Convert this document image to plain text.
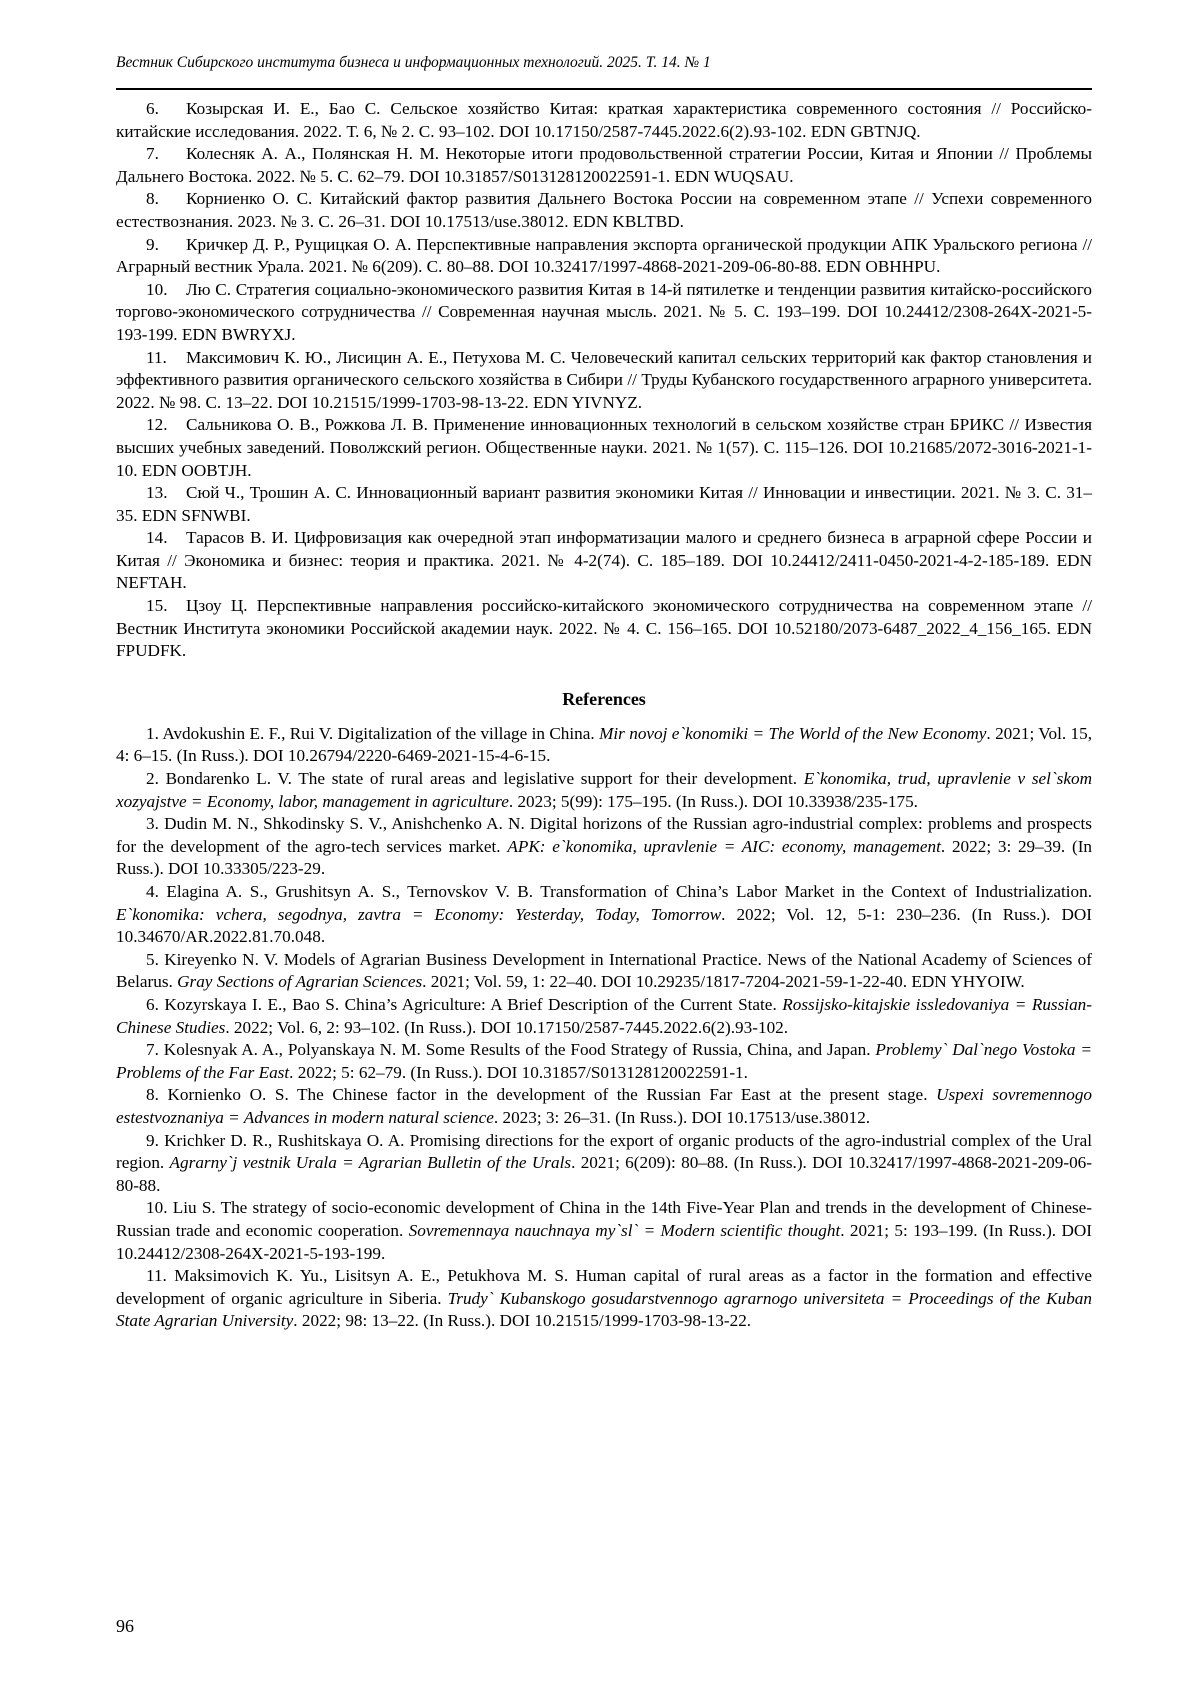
Вестник Сибирского института бизнеса и информационных технологий. 2025. Т. 14. № 1

6. Козырская И. Е., Бао С. Сельское хозяйство Китая: краткая характеристика современного состояния // Российско-китайские исследования. 2022. Т. 6, № 2. С. 93–102. DOI 10.17150/2587-7445.2022.6(2).93-102. EDN GBTNJQ.

7. Колесняк А. А., Полянская Н. М. Некоторые итоги продовольственной стратегии России, Китая и Японии // Проблемы Дальнего Востока. 2022. № 5. С. 62–79. DOI 10.31857/S013128120022591-1. EDN WUQSAU.

8. Корниенко О. С. Китайский фактор развития Дальнего Востока России на современном этапе // Успехи современного естествознания. 2023. № 3. С. 26–31. DOI 10.17513/use.38012. EDN KBLTBD.

9. Кричкер Д. Р., Рущицкая О. А. Перспективные направления экспорта органической продукции АПК Уральского региона // Аграрный вестник Урала. 2021. № 6(209). С. 80–88. DOI 10.32417/1997-4868-2021-209-06-80-88. EDN OBHHPU.

10. Лю С. Стратегия социально-экономического развития Китая в 14-й пятилетке и тенденции развития китайско-российского торгово-экономического сотрудничества // Современная научная мысль. 2021. № 5. С. 193–199. DOI 10.24412/2308-264X-2021-5-193-199. EDN BWRYXJ.

11. Максимович К. Ю., Лисицин А. Е., Петухова М. С. Человеческий капитал сельских территорий как фактор становления и эффективного развития органического сельского хозяйства в Сибири // Труды Кубанского государственного аграрного университета. 2022. № 98. С. 13–22. DOI 10.21515/1999-1703-98-13-22. EDN YIVNYZ.

12. Сальникова О. В., Рожкова Л. В. Применение инновационных технологий в сельском хозяйстве стран БРИКС // Известия высших учебных заведений. Поволжский регион. Общественные науки. 2021. № 1(57). С. 115–126. DOI 10.21685/2072-3016-2021-1-10. EDN OOBTJH.

13. Сюй Ч., Трошин А. С. Инновационный вариант развития экономики Китая // Инновации и инвестиции. 2021. № 3. С. 31–35. EDN SFNWBI.

14. Тарасов В. И. Цифровизация как очередной этап информатизации малого и среднего бизнеса в аграрной сфере России и Китая // Экономика и бизнес: теория и практика. 2021. № 4-2(74). С. 185–189. DOI 10.24412/2411-0450-2021-4-2-185-189. EDN NEFTAH.

15. Цзоу Ц. Перспективные направления российско-китайского экономического сотрудничества на современном этапе // Вестник Института экономики Российской академии наук. 2022. № 4. С. 156–165. DOI 10.52180/2073-6487_2022_4_156_165. EDN FPUDFK.

References

1. Avdokushin E. F., Rui V. Digitalization of the village in China. Mir novoj e`konomiki = The World of the New Economy. 2021; Vol. 15, 4: 6–15. (In Russ.). DOI 10.26794/2220-6469-2021-15-4-6-15.

2. Bondarenko L. V. The state of rural areas and legislative support for their development. E`konomika, trud, upravlenie v sel`skom xozyajstve = Economy, labor, management in agriculture. 2023; 5(99): 175–195. (In Russ.). DOI 10.33938/235-175.

3. Dudin M. N., Shkodinsky S. V., Anishchenko A. N. Digital horizons of the Russian agro-industrial complex: problems and prospects for the development of the agro-tech services market. APK: e`konomika, upravlenie = AIC: economy, management. 2022; 3: 29–39. (In Russ.). DOI 10.33305/223-29.

4. Elagina A. S., Grushitsyn A. S., Ternovskov V. B. Transformation of China’s Labor Market in the Context of Industrialization. E`konomika: vchera, segodnya, zavtra = Economy: Yesterday, Today, Tomorrow. 2022; Vol. 12, 5-1: 230–236. (In Russ.). DOI 10.34670/AR.2022.81.70.048.

5. Kireyenko N. V. Models of Agrarian Business Development in International Practice. News of the National Academy of Sciences of Belarus. Gray Sections of Agrarian Sciences. 2021; Vol. 59, 1: 22–40. DOI 10.29235/1817-7204-2021-59-1-22-40. EDN YHYOIW.

6. Kozyrskaya I. E., Bao S. China’s Agriculture: A Brief Description of the Current State. Rossijsko-kitajskie issledovaniya = Russian-Chinese Studies. 2022; Vol. 6, 2: 93–102. (In Russ.). DOI 10.17150/2587-7445.2022.6(2).93-102.

7. Kolesnyak A. A., Polyanskaya N. M. Some Results of the Food Strategy of Russia, China, and Japan. Problemy` Dal`nego Vostoka = Problems of the Far East. 2022; 5: 62–79. (In Russ.). DOI 10.31857/S013128120022591-1.

8. Kornienko O. S. The Chinese factor in the development of the Russian Far East at the present stage. Uspexi sovremennogo estestvoznaniya = Advances in modern natural science. 2023; 3: 26–31. (In Russ.). DOI 10.17513/use.38012.

9. Krichker D. R., Rushitskaya O. A. Promising directions for the export of organic products of the agro-industrial complex of the Ural region. Agrarny`j vestnik Urala = Agrarian Bulletin of the Urals. 2021; 6(209): 80–88. (In Russ.). DOI 10.32417/1997-4868-2021-209-06-80-88.

10. Liu S. The strategy of socio-economic development of China in the 14th Five-Year Plan and trends in the development of Chinese-Russian trade and economic cooperation. Sovremennaya nauchnaya my`sl` = Modern scientific thought. 2021; 5: 193–199. (In Russ.). DOI 10.24412/2308-264X-2021-5-193-199.

11. Maksimovich K. Yu., Lisitsyn A. E., Petukhova M. S. Human capital of rural areas as a factor in the formation and effective development of organic agriculture in Siberia. Trudy` Kubanskogo gosudarstvennogo agrarnogo universiteta = Proceedings of the Kuban State Agrarian University. 2022; 98: 13–22. (In Russ.). DOI 10.21515/1999-1703-98-13-22.

96
